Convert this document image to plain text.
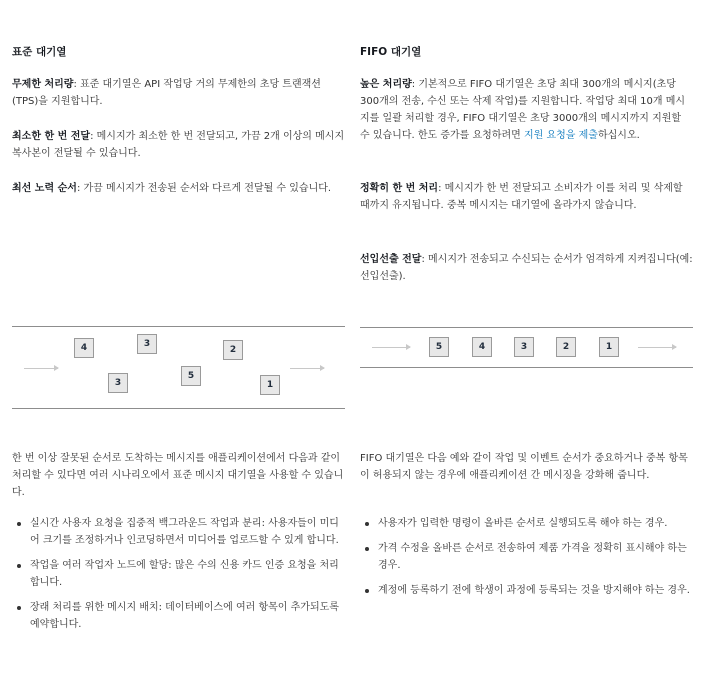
표준 대기열

무제한 처리량: 표준 대기열은 API 작업당 거의 무제한의 초당 트랜잭션(TPS)을 지원합니다.

최소한 한 번 전달: 메시지가 최소한 한 번 전달되고, 가끔 2개 이상의 메시지 복사본이 전달될 수 있습니다.

최선 노력 순서: 가끔 메시지가 전송된 순서와 다르게 전달될 수 있습니다.

4	3
2
3
5
1

한 번 이상 잘못된 순서로 도착하는 메시지를 애플리케이션에서 다음과 같이 처리할 수 있다면 여러 시나리오에서 표준 메시지 대기열을 사용할 수 있습니다.

실시간 사용자 요청을 집중적 백그라운드 작업과 분리: 사용자들이 미디어 크기를 조정하거나 인코딩하면서 미디어를 업로드할 수 있게 합니다.
작업을 여러 작업자 노드에 할당: 많은 수의 신용 카드 인증 요청을 처리합니다.
장래 처리를 위한 메시지 배치: 데이터베이스에 여러 항목이 추가되도록 예약합니다.
FIFO 대기열

높은 처리량: 기본적으로 FIFO 대기열은 초당 최대 300개의 메시지(초당 300개의 전송, 수신 또는 삭제 작업)를 지원합니다. 작업당 최대 10개 메시지를 일괄 처리할 경우, FIFO 대기열은 초당 3000개의 메시지까지 지원할 수 있습니다. 한도 증가를 요청하려면 지원 요청을 제출하십시오.

정확히 한 번 처리: 메시지가 한 번 전달되고 소비자가 이를 처리 및 삭제할 때까지 유지됩니다. 중복 메시지는 대기열에 올라가지 않습니다.

선입선출 전달: 메시지가 전송되고 수신되는 순서가 엄격하게 지켜집니다(예: 선입선출).

5	4	3	2	1

FIFO 대기열은 다음 예와 같이 작업 및 이벤트 순서가 중요하거나 중복 항목이 허용되지 않는 경우에 애플리케이션 간 메시징을 강화해 줍니다.

사용자가 입력한 명령이 올바른 순서로 실행되도록 해야 하는 경우.
가격 수정을 올바른 순서로 전송하여 제품 가격을 정확히 표시해야 하는 경우.
계정에 등록하기 전에 학생이 과정에 등록되는 것을 방지해야 하는 경우.
